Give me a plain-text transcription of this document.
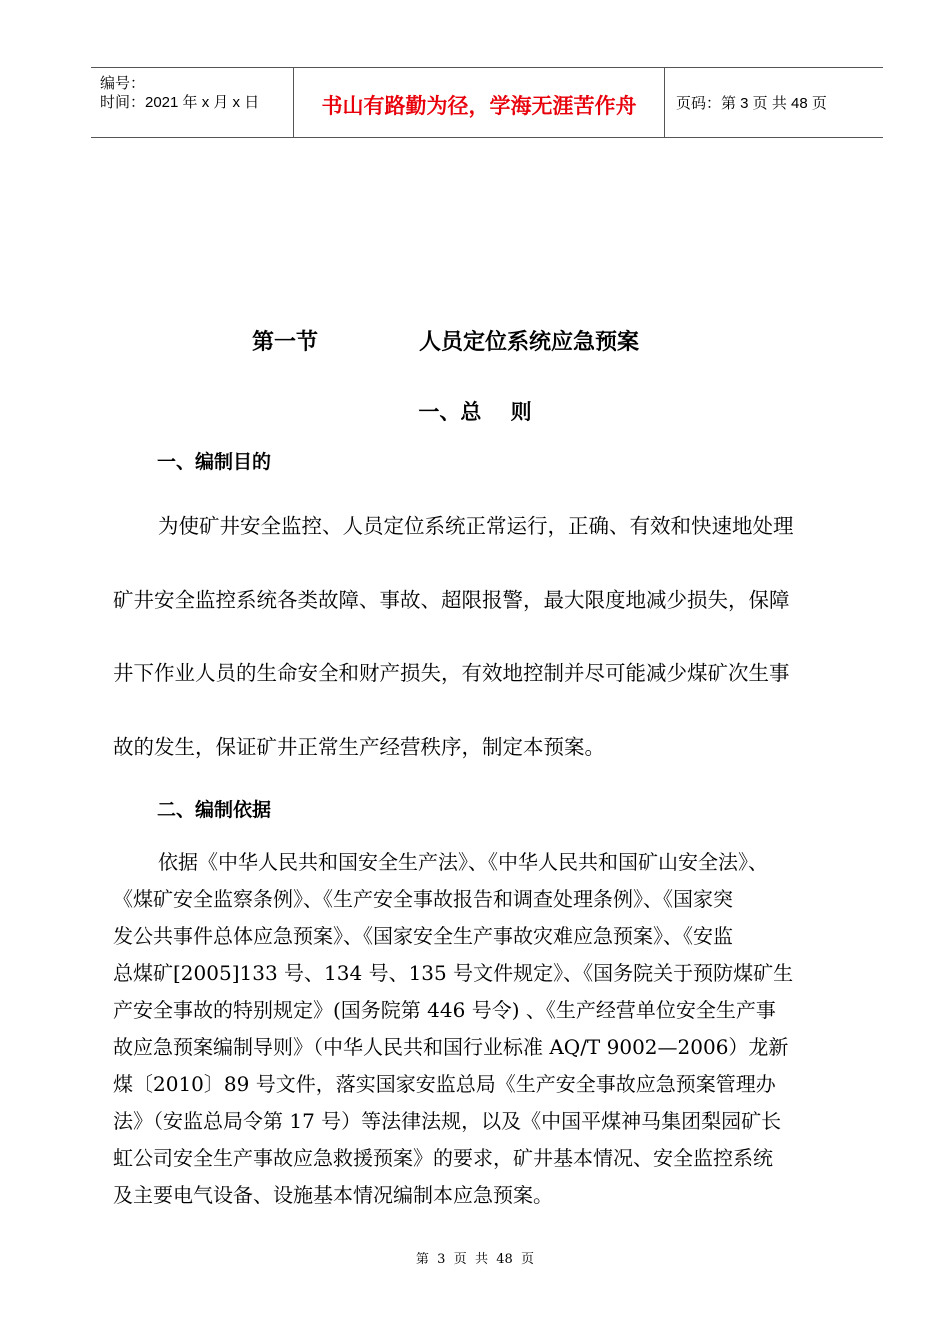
编号：
时间：2021 年 x 月 x 日	书山有路勤为径，学海无涯苦作舟	页码：第 3 页 共 48 页
第一节	人员定位系统应急预案
一、总    则
一、编制目的
为使矿井安全监控、人员定位系统正常运行，正确、有效和快速地处理
矿井安全监控系统各类故障、事故、超限报警，最大限度地减少损失，保障
井下作业人员的生命安全和财产损失，有效地控制并尽可能减少煤矿次生事
故的发生，保证矿井正常生产经营秩序，制定本预案。
二、编制依据
依据《中华人民共和国安全生产法》、《中华人民共和国矿山安全法》、
《煤矿安全监察条例》、《生产安全事故报告和调查处理条例》、《国家突
发公共事件总体应急预案》、《国家安全生产事故灾难应急预案》、《安监
总煤矿[2005]133 号、134 号、135 号文件规定》、《国务院关于预防煤矿生
产安全事故的特别规定》(国务院第 446 号令) 、《生产经营单位安全生产事
故应急预案编制导则》（中华人民共和国行业标准 AQ/T 9002—2006）龙新
煤〔2010〕89 号文件，落实国家安监总局《生产安全事故应急预案管理办
法》（安监总局令第 17 号）等法律法规，以及《中国平煤神马集团梨园矿长
虹公司安全生产事故应急救援预案》的要求，矿井基本情况、安全监控系统
及主要电气设备、设施基本情况编制本应急预案。
第  3  页  共  48  页
